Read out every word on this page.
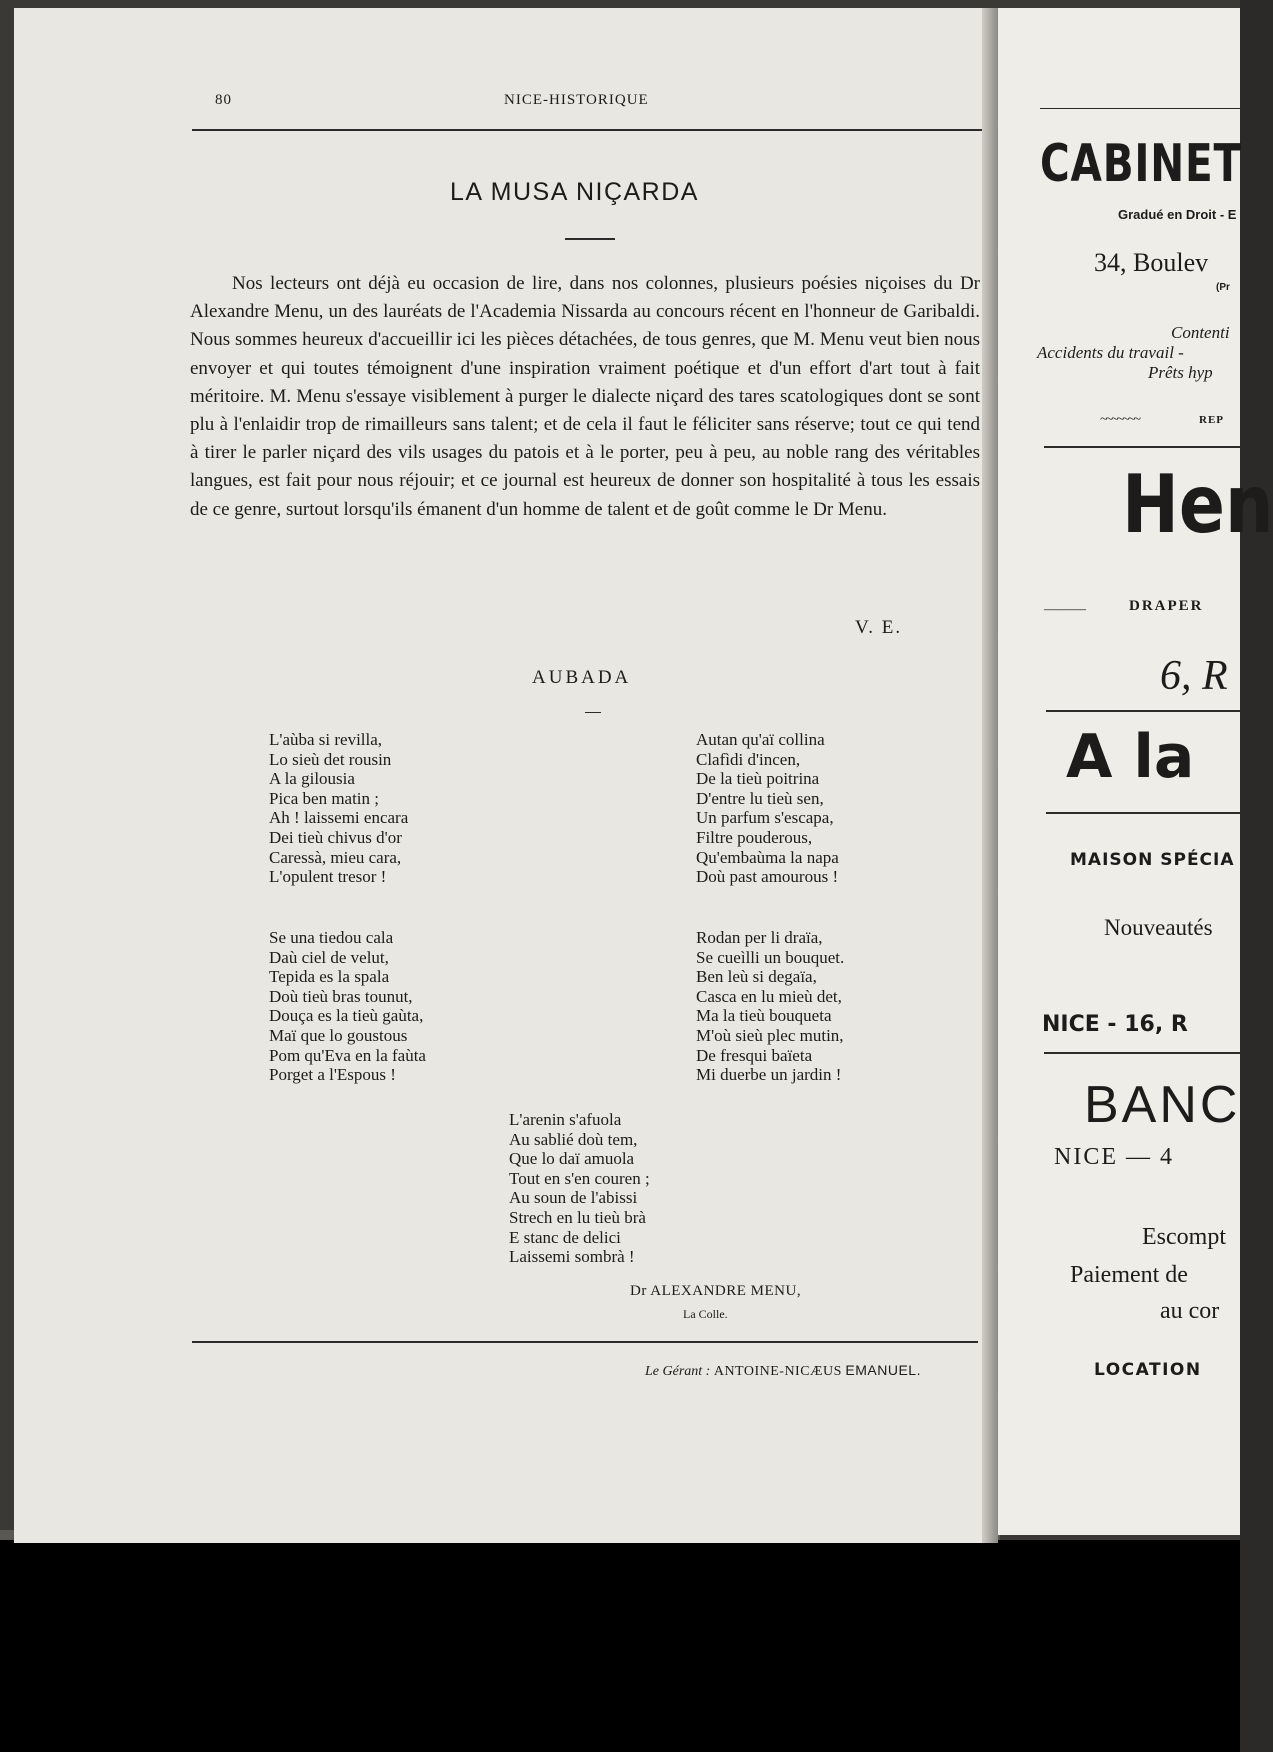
80	NICE-HISTORIQUE
LA MUSA NIÇARDA

Nos lecteurs ont déjà eu occasion de lire, dans nos colonnes, plusieurs poésies niçoises du Dr Alexandre Menu, un des lauréats de l'Academia Nissarda au concours récent en l'honneur de Garibaldi. Nous sommes heureux d'accueillir ici les pièces détachées, de tous genres, que M. Menu veut bien nous envoyer et qui toutes témoignent d'une inspiration vraiment poétique et d'un effort d'art tout à fait méritoire. M. Menu s'essaye visiblement à purger le dialecte niçard des tares scatologiques dont se sont plu à l'enlaidir trop de rimailleurs sans talent; et de cela il faut le féliciter sans réserve; tout ce qui tend à tirer le parler niçard des vils usages du patois et à le porter, peu à peu, au noble rang des véritables langues, est fait pour nous réjouir; et ce journal est heureux de donner son hospitalité à tous les essais de ce genre, surtout lorsqu'ils émanent d'un homme de talent et de goût comme le Dr Menu.

V. E.
AUBADA
L'aùba si revilla,
Lo sieù det rousin
A la gilousia
Pica ben matin ;
Ah ! laissemi encara
Dei tieù chivus d'or
Caressà, mieu cara,
L'opulent tresor !
Autan qu'aï collina
Clafìdi d'incen,
De la tieù poitrina
D'entre lu tieù sen,
Un parfum s'escapa,
Filtre pouderous,
Qu'embaùma la napa
Doù past amourous !
Se una tiedou cala
Daù ciel de velut,
Tepida es la spala
Doù tieù bras tounut,
Douça es la tieù gaùta,
Maï que lo goustous
Pom qu'Eva en la faùta
Porget a l'Espous !
Rodan per li draïa,
Se cueìlli un bouquet.
Ben leù si degaïa,
Casca en lu mieù det,
Ma la tieù bouqueta
M'où sieù plec mutin,
De fresqui baïeta
Mi duerbe un jardin !
L'arenin s'afuola
Au sablié doù tem,
Que lo daï amuola
Tout en s'en couren ;
Au soun de l'abissi
Strech en lu tieù brà
E stanc de delici
Laissemi sombrà !
Dr ALEXANDRE MENU,
La Colle.
Le Gérant : ANTOINE-NICÆUS EMANUEL.
CABINET
Gradué en Droit - E
34, Boulev
(Pr
Contenti
Accidents du travail -
Prêts hyp
~~~~~~~	REP
Hen
———	DRAPER
6, R
A la
MAISON SPÉCIA
Nouveautés
NICE - 16, R
BANC
NICE — 4
Escompt
Paiement de
au cor
LOCATION
